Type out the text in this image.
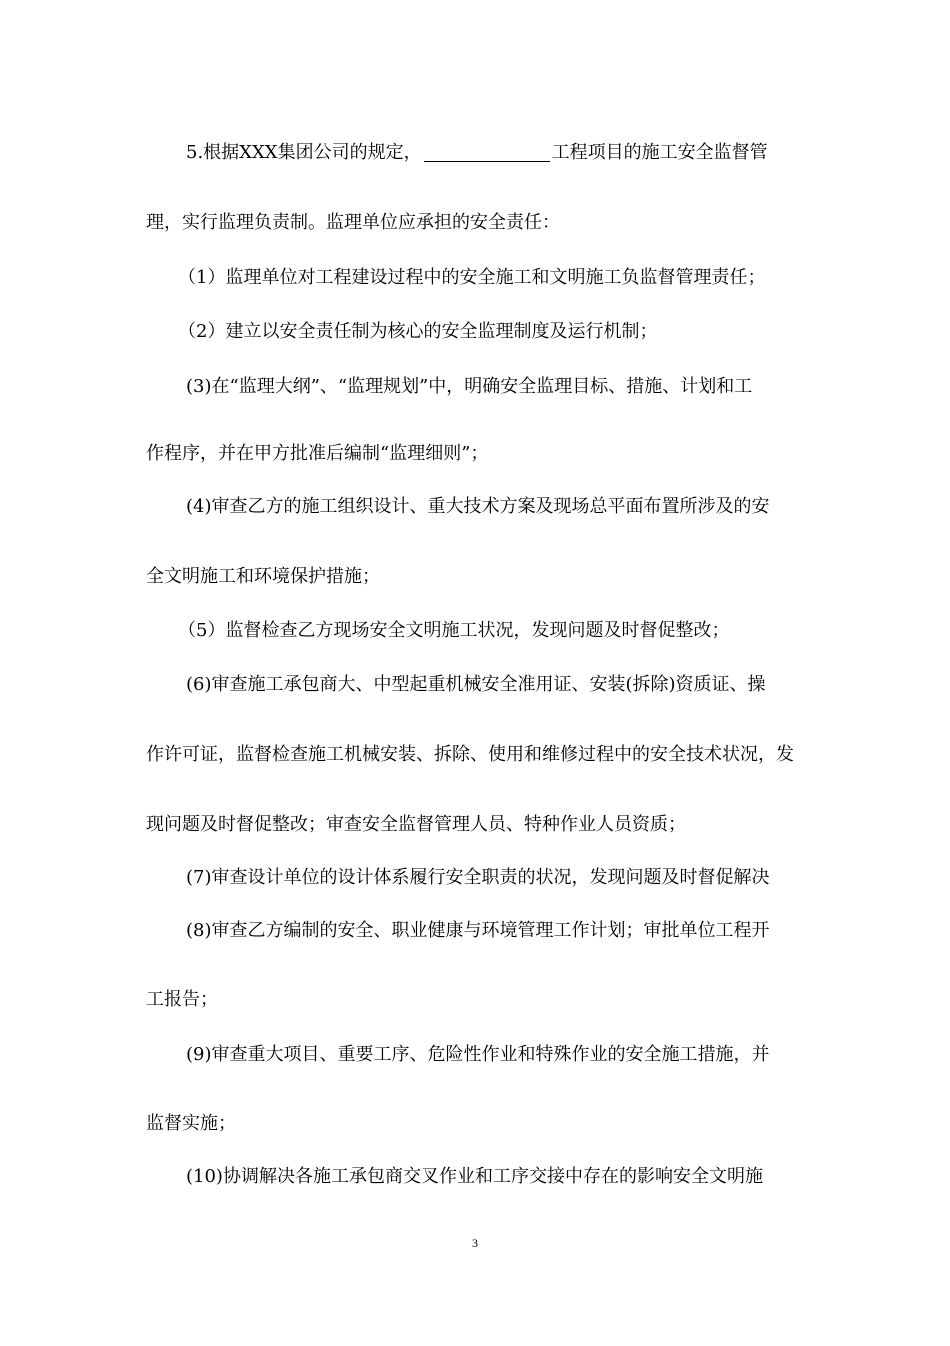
5.根据XXX集团公司的规定，	工程项目的施工安全监督管

理，实行监理负责制。监理单位应承担的安全责任：

（1）监理单位对工程建设过程中的安全施工和文明施工负监督管理责任；

（2）建立以安全责任制为核心的安全监理制度及运行机制；

(3)在“监理大纲”、“监理规划”中，明确安全监理目标、措施、计划和工

作程序，并在甲方批准后编制“监理细则”；

(4)审查乙方的施工组织设计、重大技术方案及现场总平面布置所涉及的安

全文明施工和环境保护措施；

（5）监督检查乙方现场安全文明施工状况，发现问题及时督促整改；

(6)审查施工承包商大、中型起重机械安全准用证、安装(拆除)资质证、操

作许可证，监督检查施工机械安装、拆除、使用和维修过程中的安全技术状况，发

现问题及时督促整改；审查安全监督管理人员、特种作业人员资质；

(7)审查设计单位的设计体系履行安全职责的状况，发现问题及时督促解决

(8)审查乙方编制的安全、职业健康与环境管理工作计划；审批单位工程开

工报告；

(9)审查重大项目、重要工序、危险性作业和特殊作业的安全施工措施，并

监督实施；

(10)协调解决各施工承包商交叉作业和工序交接中存在的影响安全文明施

3
